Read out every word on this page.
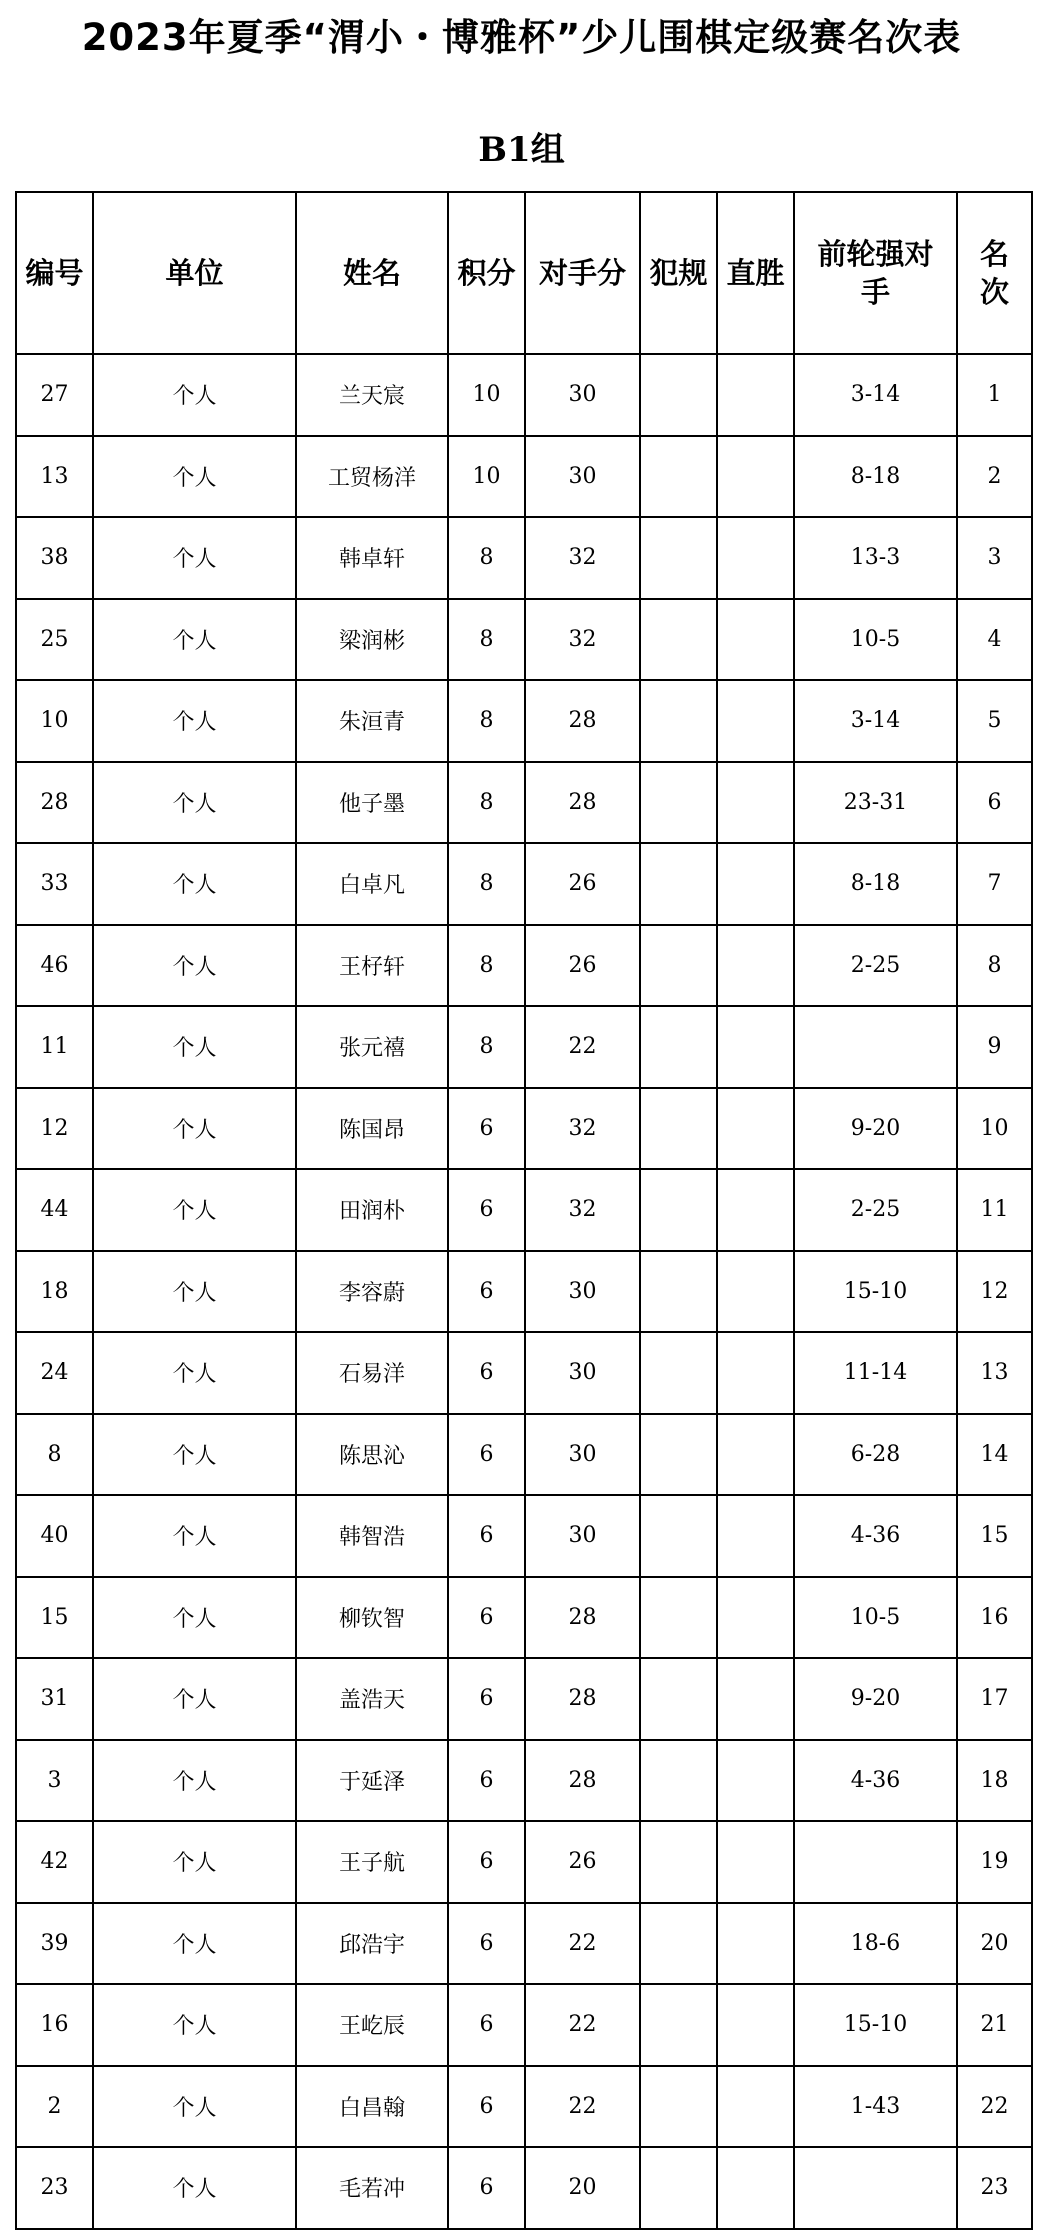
2023年夏季“渭小・博雅杯”少儿围棋定级赛名次表
B1组
编号	单位	姓名	积分	对手分	犯规	直胜	前轮强对手	名次

27	个人	兰天宸	10	30			3-14	1
13	个人	工贸杨洋	10	30			8-18	2
38	个人	韩卓轩	8	32			13-3	3
25	个人	梁润彬	8	32			10-5	4
10	个人	朱洹青	8	28			3-14	5
28	个人	他子墨	8	28			23-31	6
33	个人	白卓凡	8	26			8-18	7
46	个人	王杍轩	8	26			2-25	8
11	个人	张元禧	8	22				9
12	个人	陈国昂	6	32			9-20	10
44	个人	田润朴	6	32			2-25	11
18	个人	李容蔚	6	30			15-10	12
24	个人	石易洋	6	30			11-14	13
8	个人	陈思沁	6	30			6-28	14
40	个人	韩智浩	6	30			4-36	15
15	个人	柳钦智	6	28			10-5	16
31	个人	盖浩天	6	28			9-20	17
3	个人	于延泽	6	28			4-36	18
42	个人	王子航	6	26				19
39	个人	邱浩宇	6	22			18-6	20
16	个人	王屹辰	6	22			15-10	21
2	个人	白昌翰	6	22			1-43	22
23	个人	毛若冲	6	20				23
